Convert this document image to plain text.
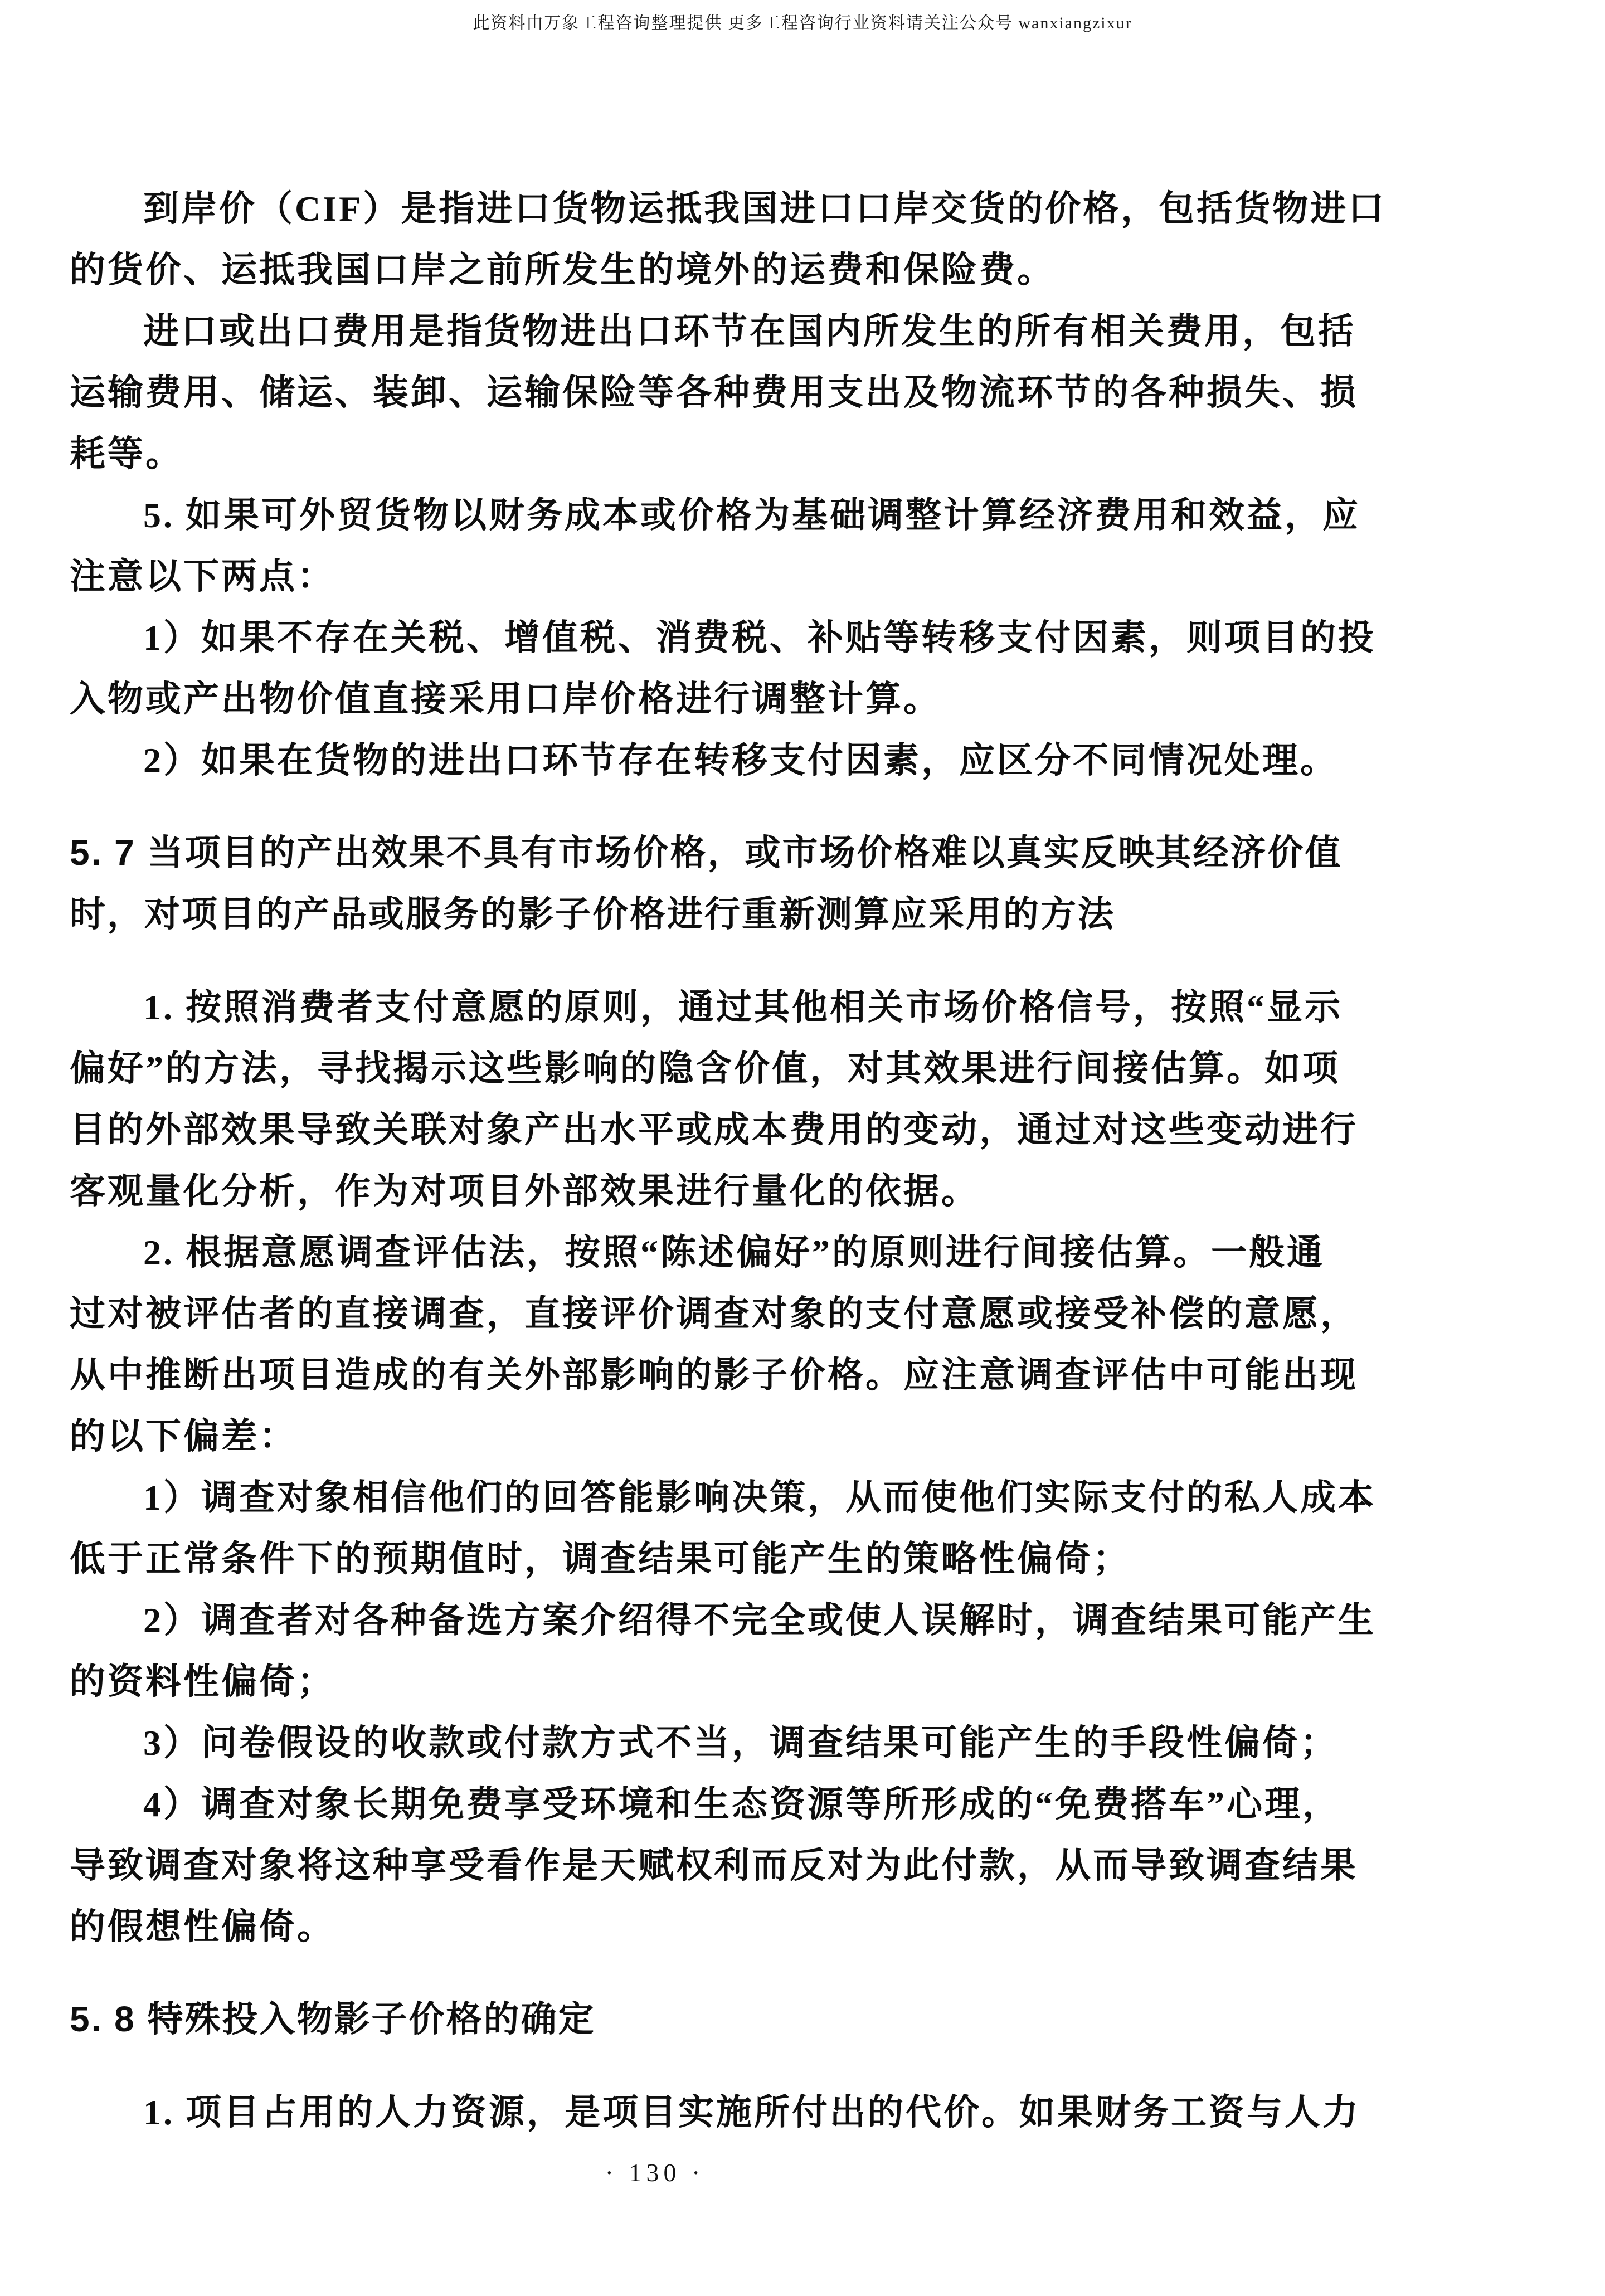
此资料由万象工程咨询整理提供 更多工程咨询行业资料请关注公众号 wanxiangzixur
到岸价（CIF）是指进口货物运抵我国进口口岸交货的价格，包括货物进口
的货价、运抵我国口岸之前所发生的境外的运费和保险费。
进口或出口费用是指货物进出口环节在国内所发生的所有相关费用，包括
运输费用、储运、装卸、运输保险等各种费用支出及物流环节的各种损失、损
耗等。
5. 如果可外贸货物以财务成本或价格为基础调整计算经济费用和效益，应
注意以下两点：
1）如果不存在关税、增值税、消费税、补贴等转移支付因素，则项目的投
入物或产出物价值直接采用口岸价格进行调整计算。
2）如果在货物的进出口环节存在转移支付因素，应区分不同情况处理。
5. 7 当项目的产出效果不具有市场价格，或市场价格难以真实反映其经济价值
时，对项目的产品或服务的影子价格进行重新测算应采用的方法
1. 按照消费者支付意愿的原则，通过其他相关市场价格信号，按照“显示
偏好”的方法，寻找揭示这些影响的隐含价值，对其效果进行间接估算。如项
目的外部效果导致关联对象产出水平或成本费用的变动，通过对这些变动进行
客观量化分析，作为对项目外部效果进行量化的依据。
2. 根据意愿调查评估法，按照“陈述偏好”的原则进行间接估算。一般通
过对被评估者的直接调查，直接评价调查对象的支付意愿或接受补偿的意愿，
从中推断出项目造成的有关外部影响的影子价格。应注意调查评估中可能出现
的以下偏差：
1）调查对象相信他们的回答能影响决策，从而使他们实际支付的私人成本
低于正常条件下的预期值时，调查结果可能产生的策略性偏倚；
2）调查者对各种备选方案介绍得不完全或使人误解时，调查结果可能产生
的资料性偏倚；
3）问卷假设的收款或付款方式不当，调查结果可能产生的手段性偏倚；
4）调查对象长期免费享受环境和生态资源等所形成的“免费搭车”心理，
导致调查对象将这种享受看作是天赋权利而反对为此付款，从而导致调查结果
的假想性偏倚。
5. 8 特殊投入物影子价格的确定
1. 项目占用的人力资源，是项目实施所付出的代价。如果财务工资与人力
· 130 ·
